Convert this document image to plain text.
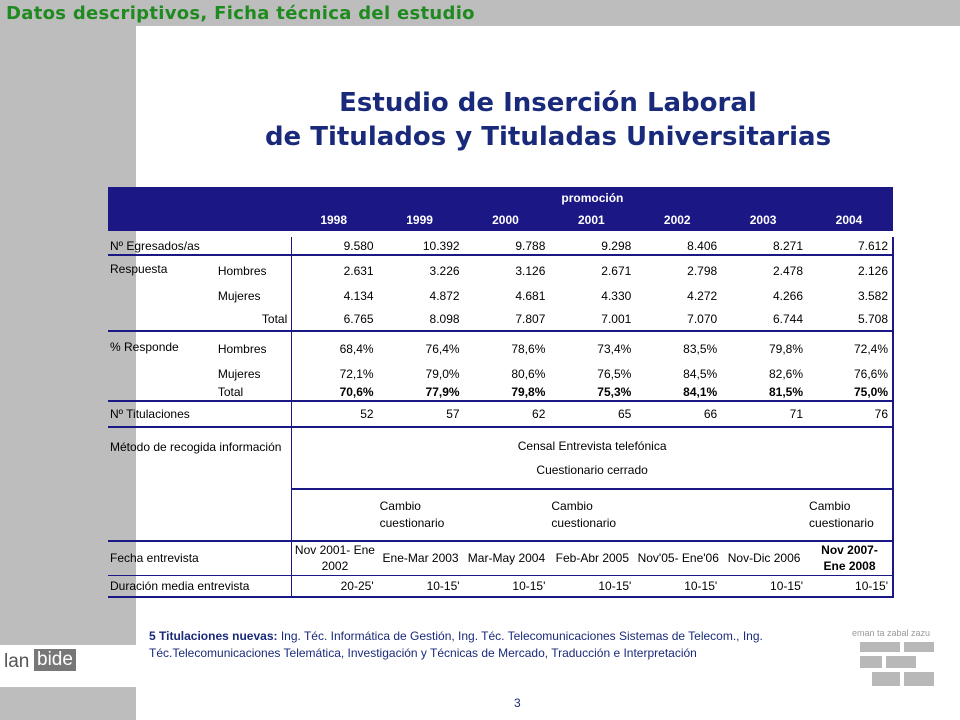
Datos descriptivos, Ficha técnica del estudio
Estudio de Inserción Laboral
de Titulados y Tituladas Universitarias
		promoción						
		1998	1999	2000	2001	2002	2003	2004

Nº Egresados/as		9.580	10.392	9.788	9.298	8.406	8.271	7.612
Respuesta	Hombres	2.631	3.226	3.126	2.671	2.798	2.478	2.126
	Mujeres	4.134	4.872	4.681	4.330	4.272	4.266	3.582
	Total	6.765	8.098	7.807	7.001	7.070	6.744	5.708
% Responde	Hombres	68,4%	76,4%	78,6%	73,4%	83,5%	79,8%	72,4%
	Mujeres	72,1%	79,0%	80,6%	76,5%	84,5%	82,6%	76,6%
	Total	70,6%	77,9%	79,8%	75,3%	84,1%	81,5%	75,0%
Nº Titulaciones		52	57	62	65	66	71	76
Método de recogida información		Censal Entrevista telefónica
Cuestionario cerrado						

			Cambio cuestionario		Cambio cuestionario			Cambio cuestionario
Fecha entrevista		Nov 2001- Ene 2002	Ene-Mar 2003	Mar-May 2004	Feb-Abr 2005	Nov'05- Ene'06	Nov-Dic 2006	Nov 2007- Ene 2008
Duración media entrevista		20-25'	10-15'	10-15'	10-15'	10-15'	10-15'	10-15'
5 Titulaciones nuevas: Ing. Téc. Informática de Gestión, Ing. Téc. Telecomunicaciones Sistemas de Telecom., Ing. Téc.Telecomunicaciones Telemática, Investigación y Técnicas de Mercado, Traducción e Interpretación
lan bide
eman ta zabal zazu
3
